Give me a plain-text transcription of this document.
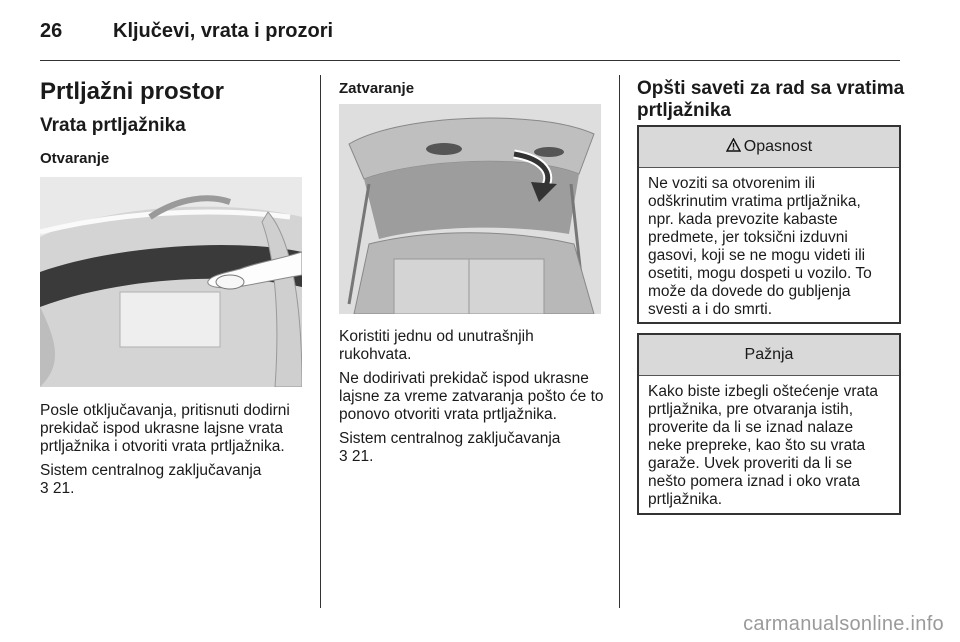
26	Ključevi, vrata i prozori
Prtljažni prostor
Vrata prtljažnika
Otvaranje

Posle otključavanja, pritisnuti dodirni prekidač ispod ukrasne lajsne vrata prtljažnika i otvoriti vrata prtljažnika.

Sistem centralnog zaključavanja

3 21.

Zatvaranje

Koristiti jednu od unutrašnjih rukohvata.

Ne dodirivati prekidač ispod ukrasne lajsne za vreme zatvaranja pošto će to ponovo otvoriti vrata prtljažnika.

Sistem centralnog zaključavanja

3 21.

Opšti saveti za rad sa vratima prtljažnika
Opasnost
Ne voziti sa otvorenim ili odškrinutim vratima prtljažnika, npr. kada prevozite kabaste predmete, jer toksični izduvni gasovi, koji se ne mogu videti ili osetiti, mogu dospeti u vozilo. To može da dovede do gubljenja svesti a i do smrti.
Pažnja
Kako biste izbegli oštećenje vrata prtljažnika, pre otvaranja istih, proverite da li se iznad nalaze neke prepreke, kao što su vrata garaže. Uvek proveriti da li se nešto pomera iznad i oko vrata prtljažnika.
carmanualsonline.info
